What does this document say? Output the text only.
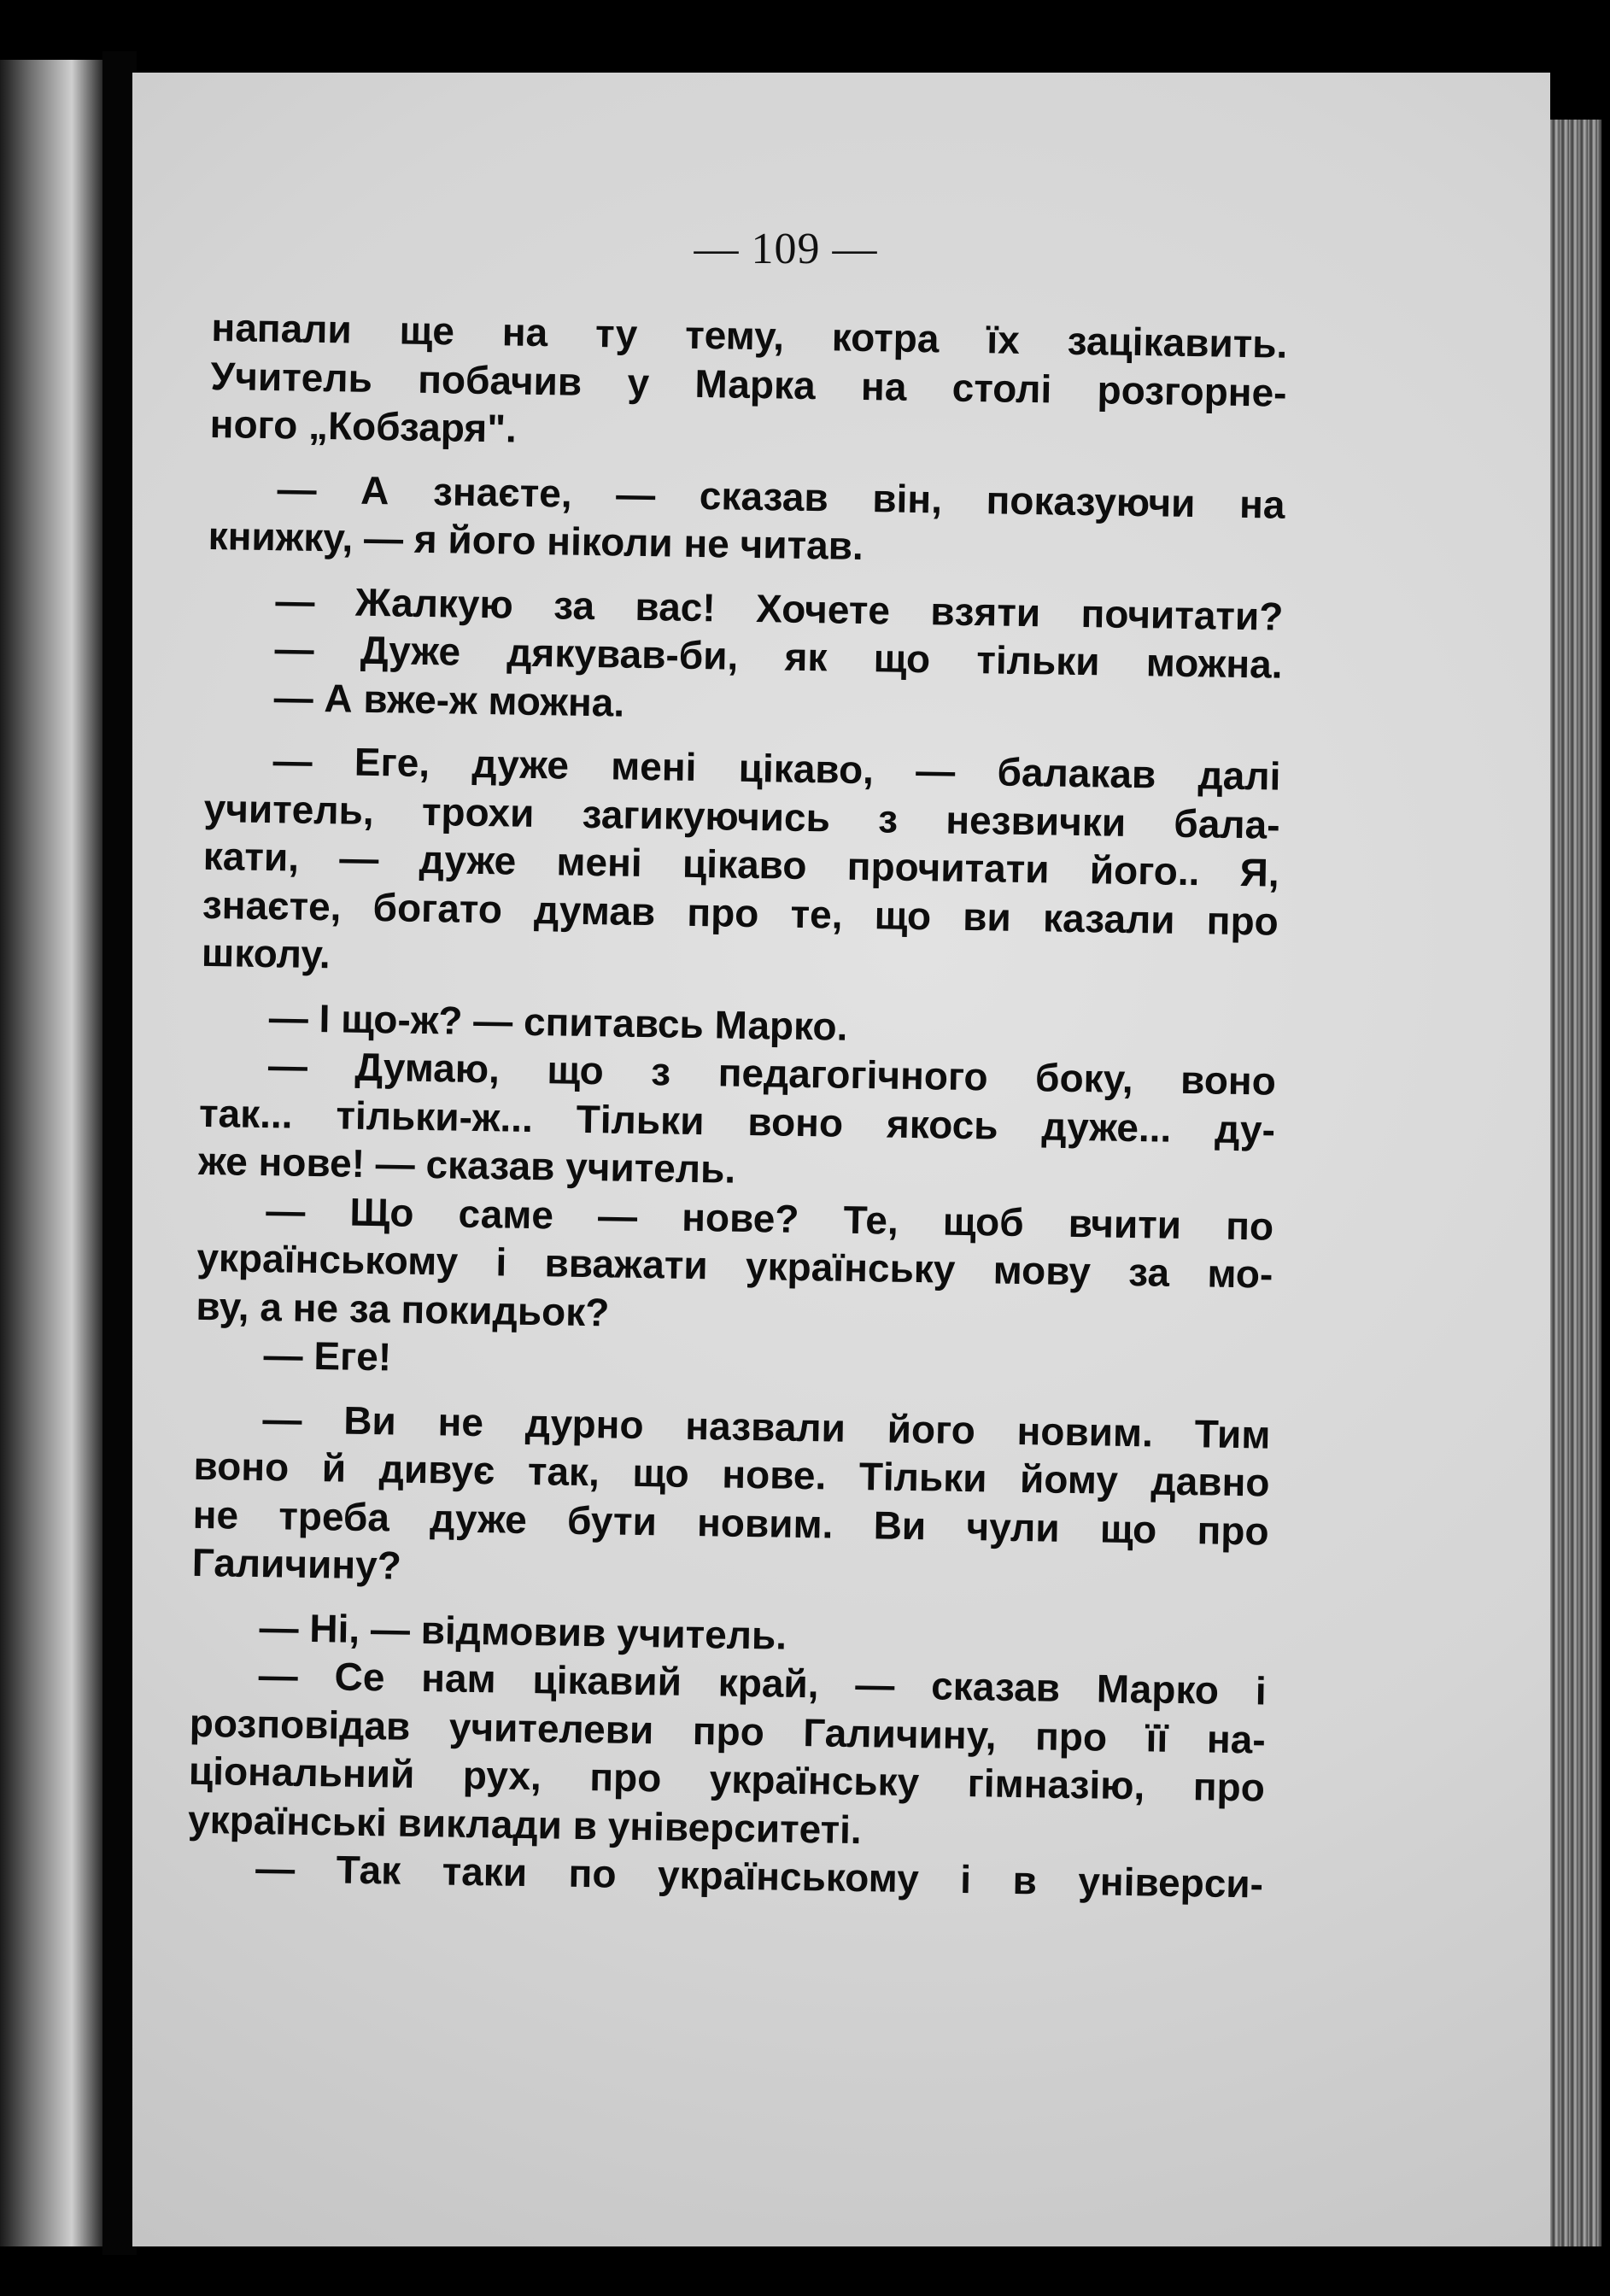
— 109 —
напали ще на ту тему, котра їх зацікавить.
Учитель побачив у Марка на столі розгорне-
ного „Кобзаря".
— А знаєте, — сказав він, показуючи на
книжку, — я його ніколи не читав.
— Жалкую за вас! Хочете взяти почитати?
— Дуже дякував-би, як що тільки можна.
— А вже-ж можна.
— Еге, дуже мені цікаво, — балакав далі
учитель, трохи загикуючись з незвички бала-
кати, — дуже мені цікаво прочитати його.. Я,
знаєте, богато думав про те, що ви казали про
школу.
— І що-ж? — спитавсь Марко.
— Думаю, що з педагогічного боку, воно
так... тільки-ж... Тільки воно якось дуже... ду-
же нове! — сказав учитель.
— Що саме — нове? Те, щоб вчити по
українському і вважати українську мову за мо-
ву, а не за покидьок?
— Еге!
— Ви не дурно назвали його новим. Тим
воно й дивує так, що нове. Тільки йому давно
не треба дуже бути новим. Ви чули що про
Галичину?
— Ні, — відмовив учитель.
— Се нам цікавий край, — сказав Марко і
розповідав учителеви про Галичину, про її на-
ціональний рух, про українську гімназію, про
українські виклади в університеті.
— Так таки по українському і в універси-
